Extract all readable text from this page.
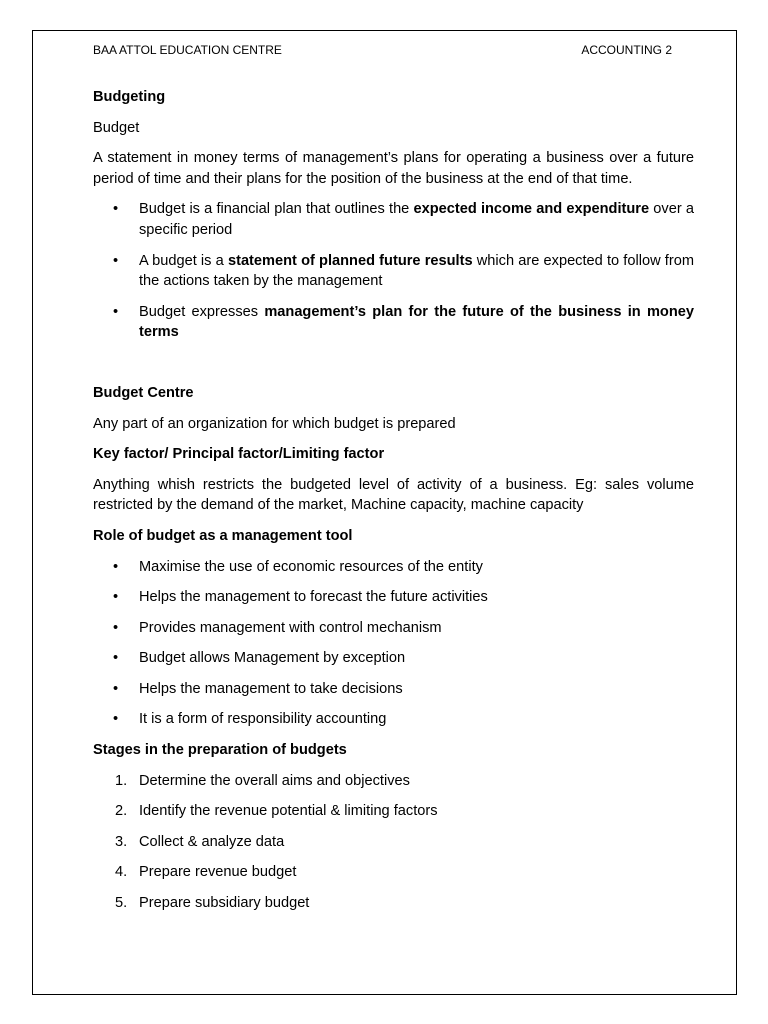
BAA ATTOL EDUCATION CENTRE	ACCOUNTING 2

Budgeting

Budget

A statement in money terms of management’s plans for operating a business over a future period of time and their plans for the position of the business at the end of that time.

• Budget is a financial plan that outlines the expected income and expenditure over a specific period
• A budget is a statement of planned future results which are expected to follow from the actions taken by the management
• Budget expresses management’s plan for the future of the business in money terms

Budget Centre

Any part of an organization for which budget is prepared

Key factor/ Principal factor/Limiting factor

Anything whish restricts the budgeted level of activity of a business. Eg: sales volume restricted by the demand of the market, Machine capacity, machine capacity

Role of budget as a management tool

• Maximise the use of economic resources of the entity
• Helps the management to forecast the future activities
• Provides management with control mechanism
• Budget allows Management by exception
• Helps the management to take decisions
• It is a form of responsibility accounting

Stages in the preparation of budgets

1. Determine the overall aims and objectives
2. Identify the revenue potential & limiting factors
3. Collect & analyze data
4. Prepare revenue budget
5. Prepare subsidiary budget
